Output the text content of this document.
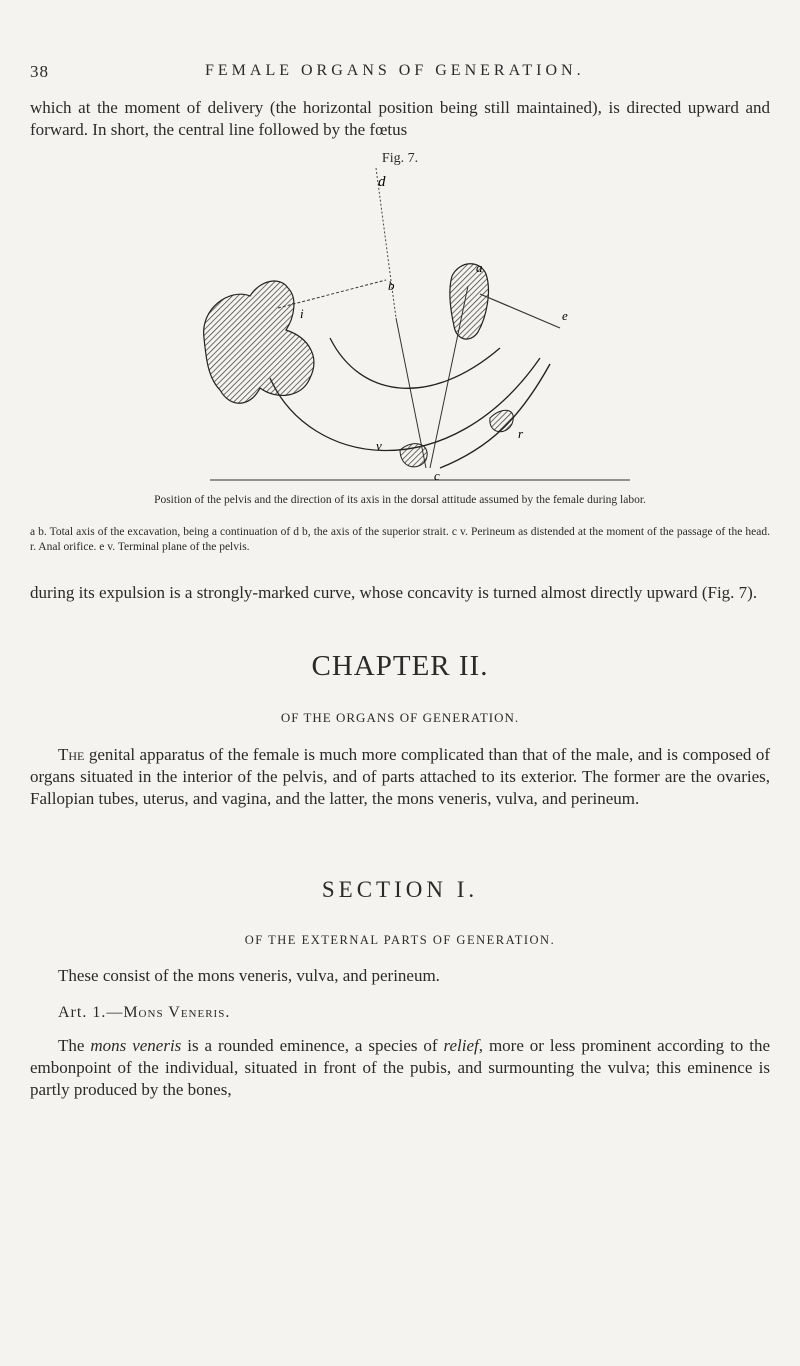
38	FEMALE ORGANS OF GENERATION.

which at the moment of delivery (the horizontal position being still maintained), is directed upward and forward. In short, the central line followed by the fœtus

Fig. 7.
d
b
i
a
e
r
c
v

Position of the pelvis and the direction of its axis in the dorsal attitude assumed by the female during labor.

a b. Total axis of the excavation, being a continuation of d b, the axis of the superior strait. c v. Perineum as distended at the moment of the passage of the head. r. Anal orifice. e v. Terminal plane of the pelvis.

during its expulsion is a strongly-marked curve, whose concavity is turned almost directly upward (Fig. 7).

CHAPTER II.
OF THE ORGANS OF GENERATION.

The genital apparatus of the female is much more complicated than that of the male, and is composed of organs situated in the interior of the pelvis, and of parts attached to its exterior. The former are the ovaries, Fallopian tubes, uterus, and vagina, and the latter, the mons veneris, vulva, and perineum.

SECTION I.
OF THE EXTERNAL PARTS OF GENERATION.

These consist of the mons veneris, vulva, and perineum.

Art. 1.—Mons Veneris.

The mons veneris is a rounded eminence, a species of relief, more or less prominent according to the embonpoint of the individual, situated in front of the pubis, and surmounting the vulva; this eminence is partly produced by the bones,
